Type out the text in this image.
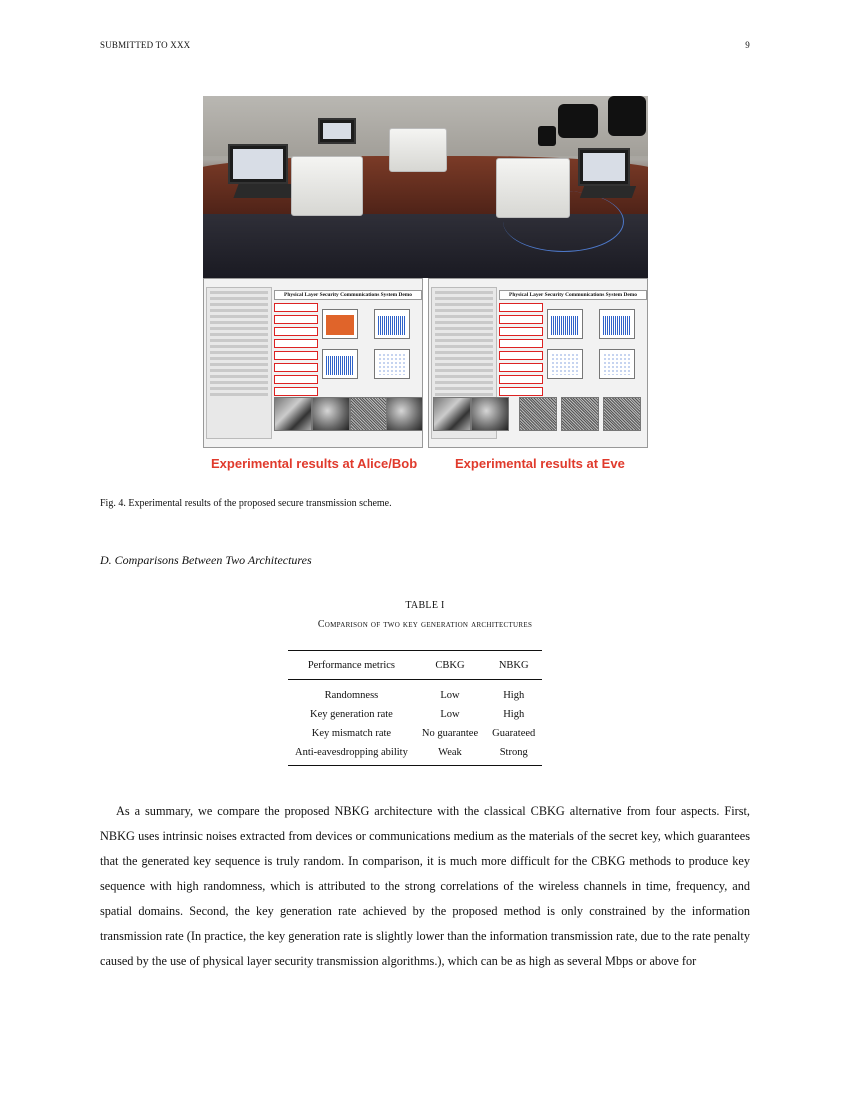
SUBMITTED TO XXX	9
Physical Layer Security Communications System Demo	Physical Layer Security Communications System Demo
Experimental results at Alice/Bob	Experimental results at Eve
Fig. 4. Experimental results of the proposed secure transmission scheme.
D. Comparisons Between Two Architectures
TABLE I
Comparison of two key generation architectures
Performance metrics	CBKG	NBKG
Randomness	Low	High
Key generation rate	Low	High
Key mismatch rate	No guarantee	Guarateed
Anti-eavesdropping ability	Weak	Strong

As a summary, we compare the proposed NBKG architecture with the classical CBKG alternative from four aspects. First, NBKG uses intrinsic noises extracted from devices or communications medium as the materials of the secret key, which guarantees that the generated key sequence is truly random. In comparison, it is much more difficult for the CBKG methods to produce key sequence with high randomness, which is attributed to the strong correlations of the wireless channels in time, frequency, and spatial domains. Second, the key generation rate achieved by the proposed method is only constrained by the information transmission rate (In practice, the key generation rate is slightly lower than the information transmission rate, due to the rate penalty caused by the use of physical layer security transmission algorithms.), which can be as high as several Mbps or above for
